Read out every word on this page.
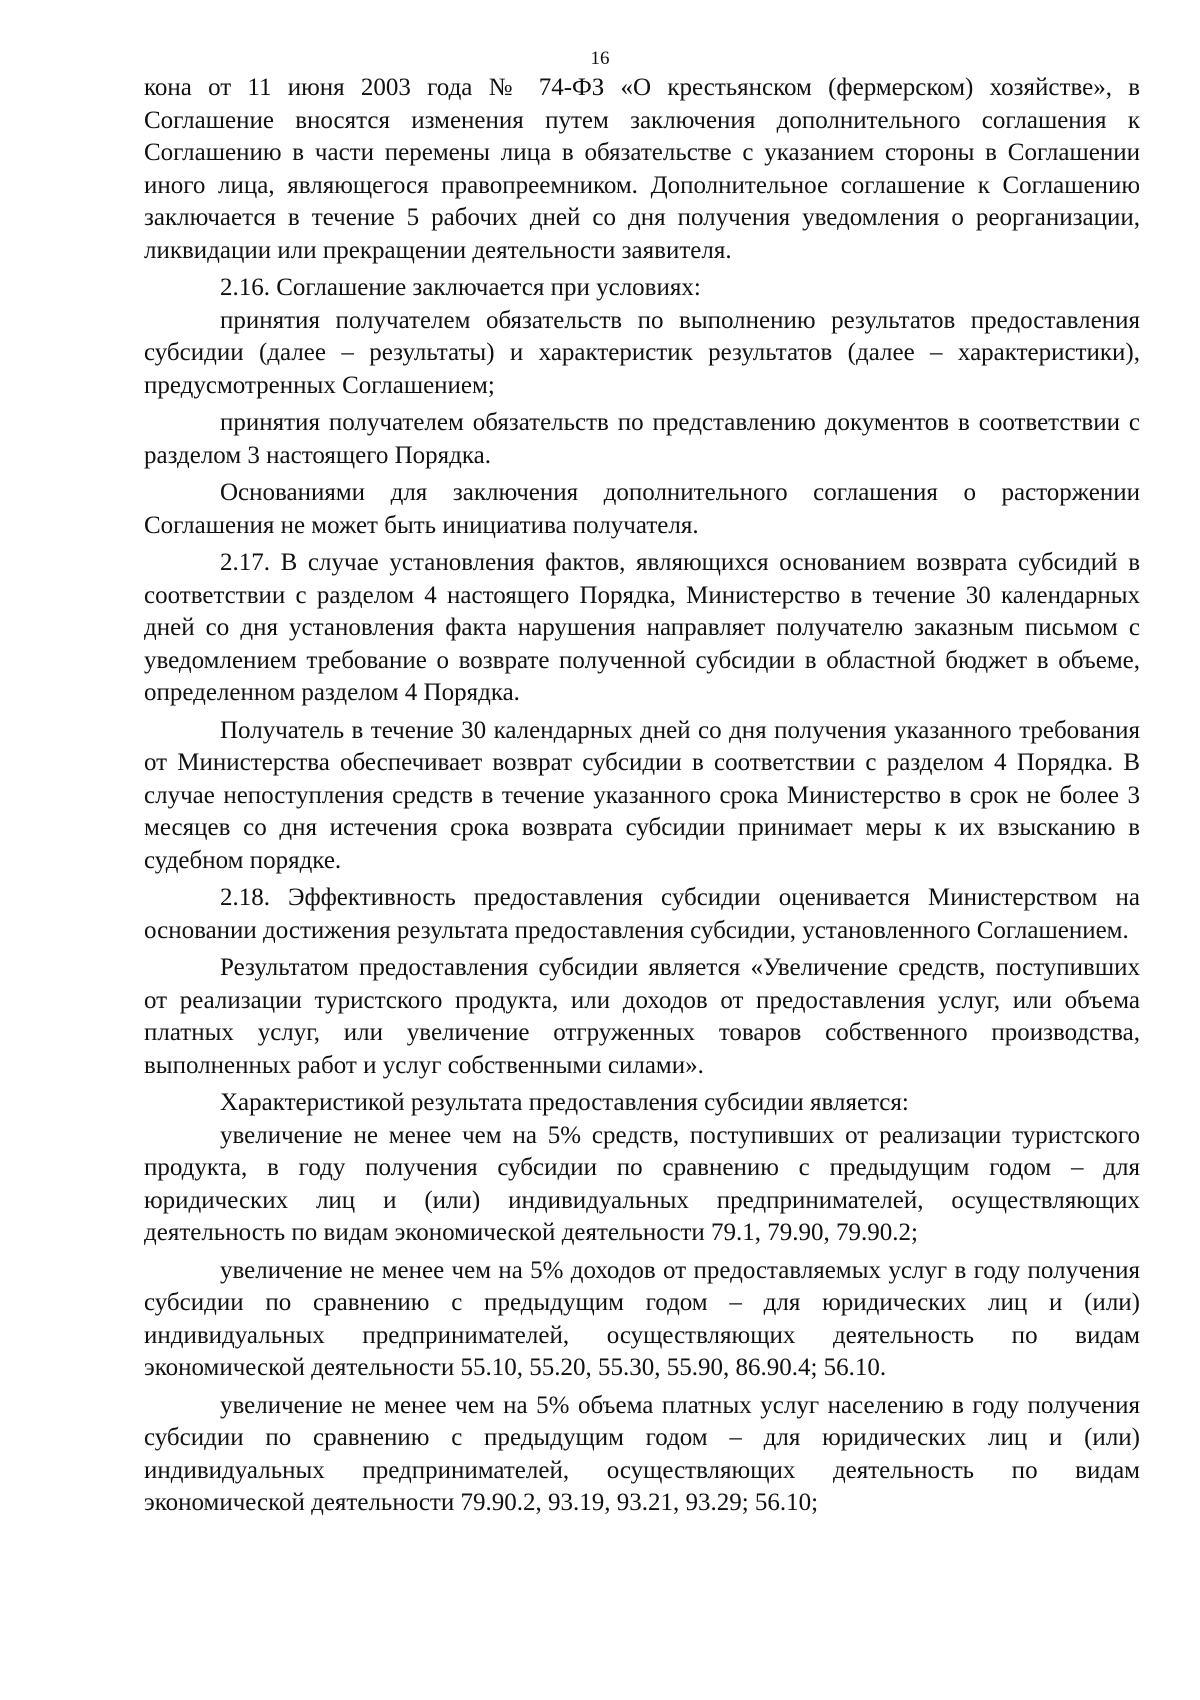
16

кона от 11 июня 2003 года № 74-ФЗ «О крестьянском (фермерском) хозяйстве», в Соглашение вносятся изменения путем заключения дополнительного соглашения к Соглашению в части перемены лица в обязательстве с указанием стороны в Соглашении иного лица, являющегося правопреемником. Дополнительное соглашение к Соглашению заключается в течение 5 рабочих дней со дня получения уведомления о реорганизации, ликвидации или прекращении деятельности заявителя.

2.16. Соглашение заключается при условиях:

принятия получателем обязательств по выполнению результатов предоставления субсидии (далее – результаты) и характеристик результатов (далее – характеристики), предусмотренных Соглашением;

принятия получателем обязательств по представлению документов в соответствии с разделом 3 настоящего Порядка.

Основаниями для заключения дополнительного соглашения о расторжении Соглашения не может быть инициатива получателя.

2.17. В случае установления фактов, являющихся основанием возврата субсидий в соответствии с разделом 4 настоящего Порядка, Министерство в течение 30 календарных дней со дня установления факта нарушения направляет получателю заказным письмом с уведомлением требование о возврате полученной субсидии в областной бюджет в объеме, определенном разделом 4 Порядка.

Получатель в течение 30 календарных дней со дня получения указанного требования от Министерства обеспечивает возврат субсидии в соответствии с разделом 4 Порядка. В случае непоступления средств в течение указанного срока Министерство в срок не более 3 месяцев со дня истечения срока возврата субсидии принимает меры к их взысканию в судебном порядке.

2.18. Эффективность предоставления субсидии оценивается Министерством на основании достижения результата предоставления субсидии, установленного Соглашением.

Результатом предоставления субсидии является «Увеличение средств, поступивших от реализации туристского продукта, или доходов от предоставления услуг, или объема платных услуг, или увеличение отгруженных товаров собственного производства, выполненных работ и услуг собственными силами».

Характеристикой результата предоставления субсидии является:

увеличение не менее чем на 5% средств, поступивших от реализации туристского продукта, в году получения субсидии по сравнению с предыдущим годом – для юридических лиц и (или) индивидуальных предпринимателей, осуществляющих деятельность по видам экономической деятельности 79.1, 79.90, 79.90.2;

увеличение не менее чем на 5% доходов от предоставляемых услуг в году получения субсидии по сравнению с предыдущим годом – для юридических лиц и (или) индивидуальных предпринимателей, осуществляющих деятельность по видам экономической деятельности 55.10, 55.20, 55.30, 55.90, 86.90.4; 56.10.

увеличение не менее чем на 5% объема платных услуг населению в году получения субсидии по сравнению с предыдущим годом – для юридических лиц и (или) индивидуальных предпринимателей, осуществляющих деятельность по видам экономической деятельности 79.90.2, 93.19, 93.21, 93.29; 56.10;
